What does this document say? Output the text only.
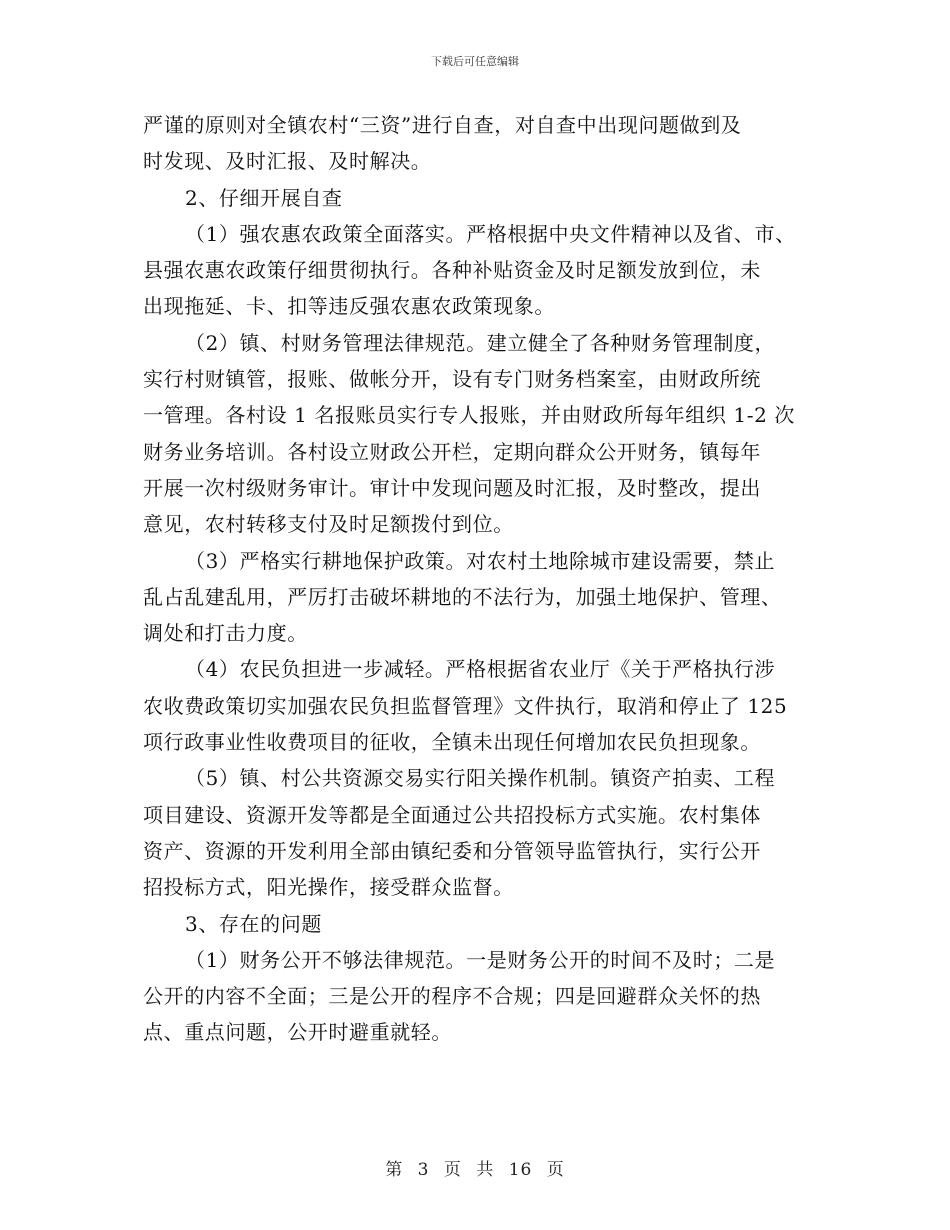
下载后可任意编辑
严谨的原则对全镇农村“三资”进行自查，对自查中出现问题做到及
时发现、及时汇报、及时解决。
2、仔细开展自查
（1）强农惠农政策全面落实。严格根据中央文件精神以及省、市、
县强农惠农政策仔细贯彻执行。各种补贴资金及时足额发放到位，未
出现拖延、卡、扣等违反强农惠农政策现象。
（2）镇、村财务管理法律规范。建立健全了各种财务管理制度，
实行村财镇管，报账、做帐分开，设有专门财务档案室，由财政所统
一管理。各村设 1 名报账员实行专人报账，并由财政所每年组织 1-2 次
财务业务培训。各村设立财政公开栏，定期向群众公开财务，镇每年
开展一次村级财务审计。审计中发现问题及时汇报，及时整改，提出
意见，农村转移支付及时足额拨付到位。
（3）严格实行耕地保护政策。对农村土地除城市建设需要，禁止
乱占乱建乱用，严厉打击破坏耕地的不法行为，加强土地保护、管理、
调处和打击力度。
（4）农民负担进一步减轻。严格根据省农业厅《关于严格执行涉
农收费政策切实加强农民负担监督管理》文件执行，取消和停止了 125
项行政事业性收费项目的征收，全镇未出现任何增加农民负担现象。
（5）镇、村公共资源交易实行阳关操作机制。镇资产拍卖、工程
项目建设、资源开发等都是全面通过公共招投标方式实施。农村集体
资产、资源的开发利用全部由镇纪委和分管领导监管执行，实行公开
招投标方式，阳光操作，接受群众监督。
3、存在的问题
（1）财务公开不够法律规范。一是财务公开的时间不及时；二是
公开的内容不全面；三是公开的程序不合规；四是回避群众关怀的热
点、重点问题，公开时避重就轻。
第 3 页 共 16 页
